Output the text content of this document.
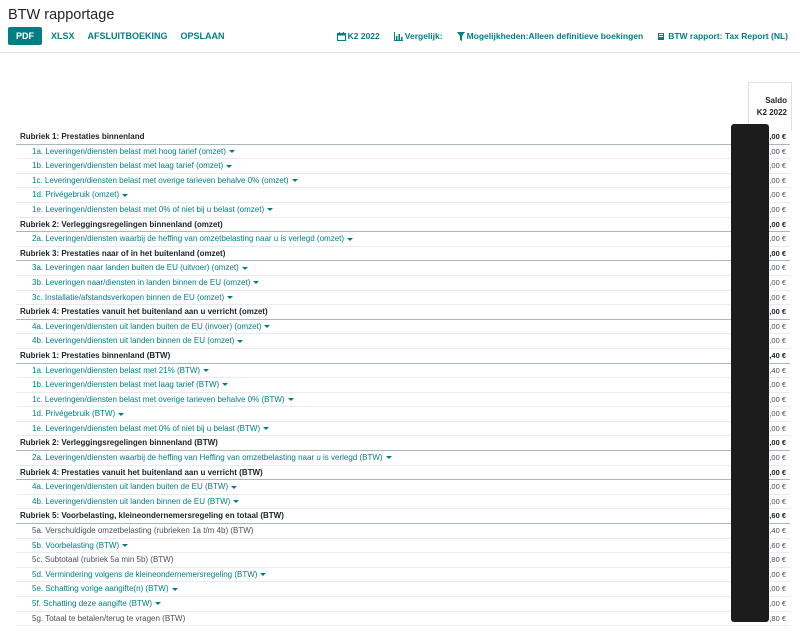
BTW rapportage
PDF	XLSX	AFSLUITBOEKING	OPSLAAN	K2 2022	Vergelijk:	Mogelijkheden:Alleen definitieve boekingen	BTW rapport: Tax Report (NL)
Saldo
K2 2022
Rubriek 1: Prestaties binnenland	,00 €
1a. Leveringen/diensten belast met hoog tarief (omzet)	,00 €
1b. Leveringen/diensten belast met laag tarief (omzet)	,00 €
1c. Leveringen/diensten belast met overige tarieven behalve 0% (omzet)	,00 €
1d. Privégebruik (omzet)	,00 €
1e. Leveringen/diensten belast met 0% of niet bij u belast (omzet)	,00 €
Rubriek 2: Verleggingsregelingen binnenland (omzet)	,00 €
2a. Leveringen/diensten waarbij de heffing van omzetbelasting naar u is verlegd (omzet)	,00 €
Rubriek 3: Prestaties naar of in het buitenland (omzet)	,00 €
3a. Leveringen naar landen buiten de EU (uitvoer) (omzet)	,00 €
3b. Leveringen naar/diensten in landen binnen de EU (omzet)	,00 €
3c. Installatie/afstandsverkopen binnen de EU (omzet)	,00 €
Rubriek 4: Prestaties vanuit het buitenland aan u verricht (omzet)	,00 €
4a. Leveringen/diensten uit landen buiten de EU (invoer) (omzet)	,00 €
4b. Leveringen/diensten uit landen binnen de EU (omzet)	,00 €
Rubriek 1: Prestaties binnenland (BTW)	,40 €
1a. Leveringen/diensten belast met 21% (BTW)	,40 €
1b. Leveringen/diensten belast met laag tarief (BTW)	,00 €
1c. Leveringen/diensten belast met overige tarieven behalve 0% (BTW)	,00 €
1d. Privégebruik (BTW)	,00 €
1e. Leveringen/diensten belast met 0% of niet bij u belast (BTW)	,00 €
Rubriek 2: Verleggingsregelingen binnenland (BTW)	,00 €
2a. Leveringen/diensten waarbij de heffing van Heffing van omzetbelasting naar u is verlegd (BTW)	,00 €
Rubriek 4: Prestaties vanuit het buitenland aan u verricht (BTW)	,00 €
4a. Leveringen/diensten uit landen buiten de EU (BTW)	,00 €
4b. Leveringen/diensten uit landen binnen de EU (BTW)	,00 €
Rubriek 5: Voorbelasting, kleineondernemersregeling en totaal (BTW)	,60 €
5a. Verschuldigde omzetbelasting (rubrieken 1a t/m 4b) (BTW)	,40 €
5b. Voorbelasting (BTW)	,60 €
5c. Subtotaal (rubriek 5a min 5b) (BTW)	,80 €
5d. Vermindering volgens de kleineondernemersregeling (BTW)	,00 €
5e. Schatting vorige aangifte(n) (BTW)	,00 €
5f. Schatting deze aangifte (BTW)	,00 €
5g. Totaal te betalen/terug te vragen (BTW)	,80 €
